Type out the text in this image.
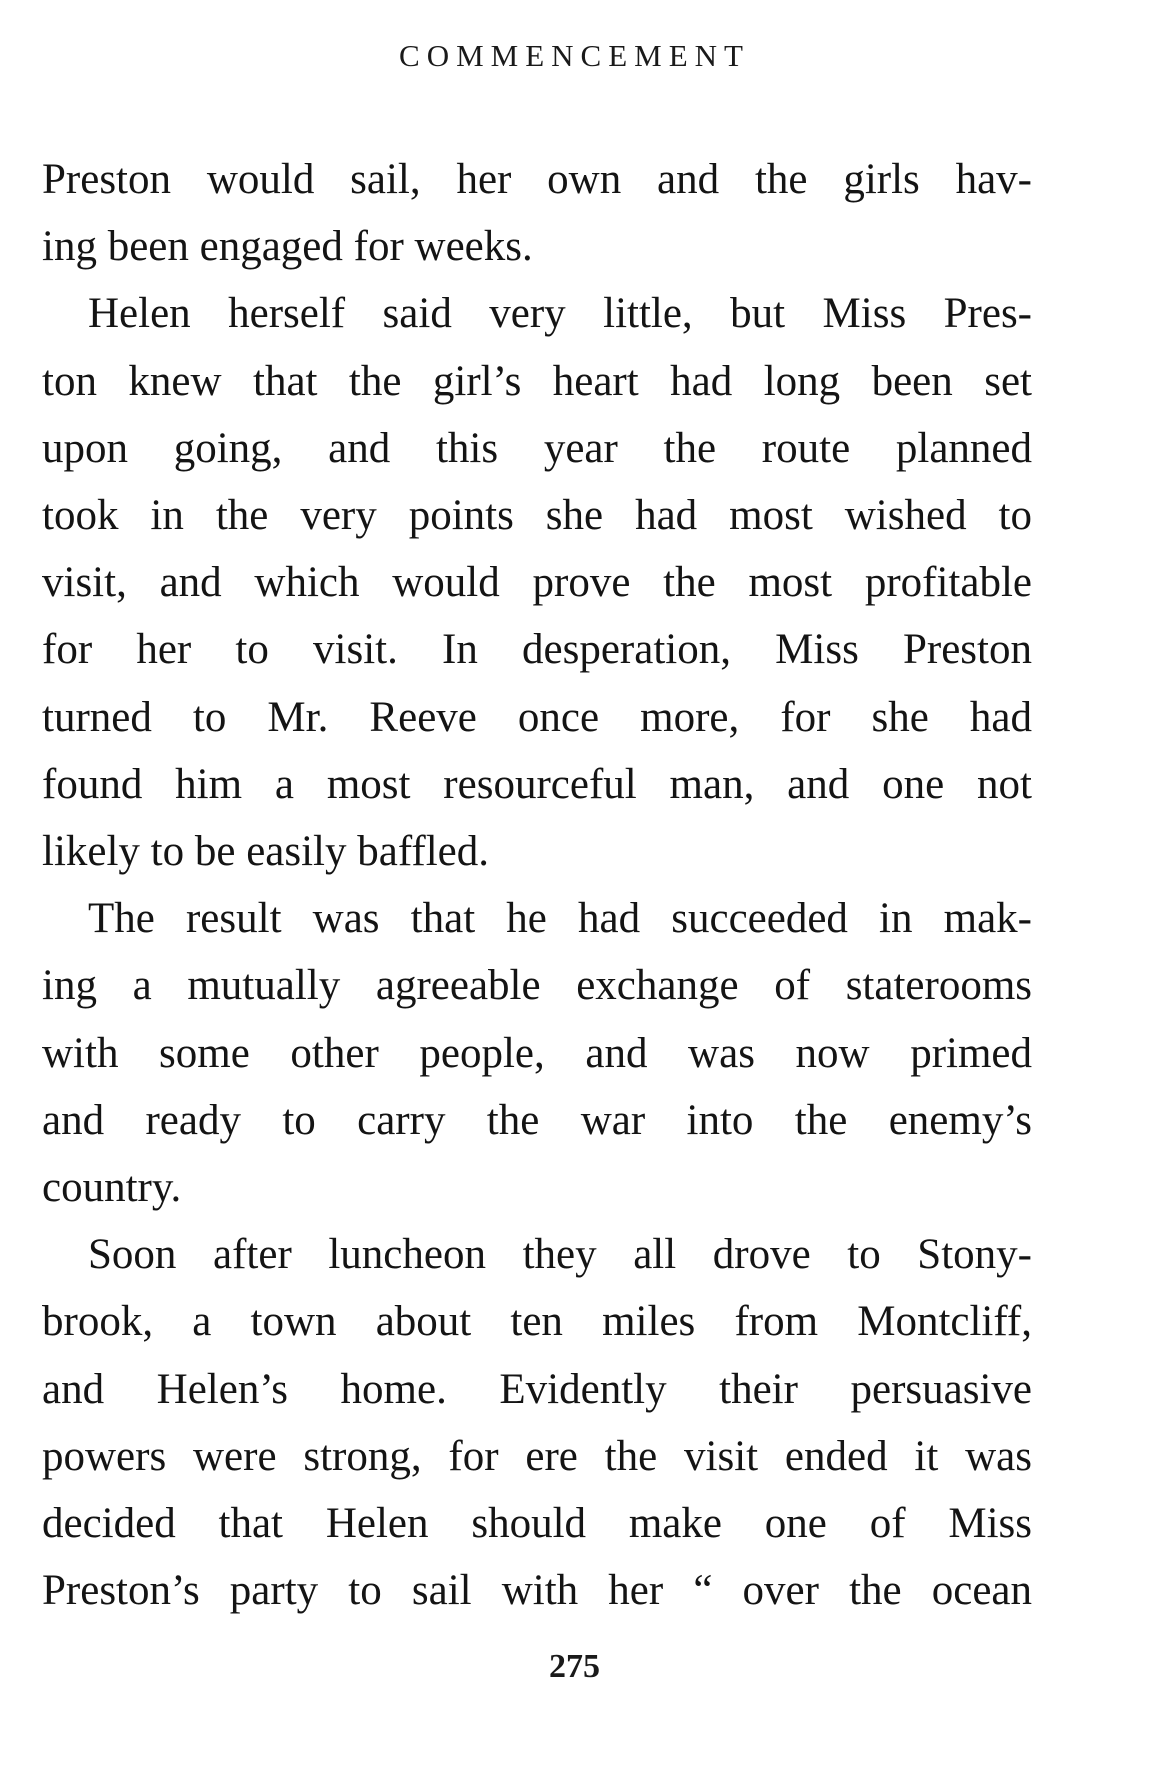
COMMENCEMENT

Preston would sail, her own and the girls hav-
ing been engaged for weeks.

Helen herself said very little, but Miss Pres-
ton knew that the girl’s heart had long been set
upon going, and this year the route planned
took in the very points she had most wished to
visit, and which would prove the most profitable
for her to visit. In desperation, Miss Preston
turned to Mr. Reeve once more, for she had
found him a most resourceful man, and one not
likely to be easily baffled.

The result was that he had succeeded in mak-
ing a mutually agreeable exchange of staterooms
with some other people, and was now primed
and ready to carry the war into the enemy’s
country.

Soon after luncheon they all drove to Stony-
brook, a town about ten miles from Montcliff,
and Helen’s home. Evidently their persuasive
powers were strong, for ere the visit ended it was
decided that Helen should make one of Miss
Preston’s party to sail with her “ over the ocean

275
